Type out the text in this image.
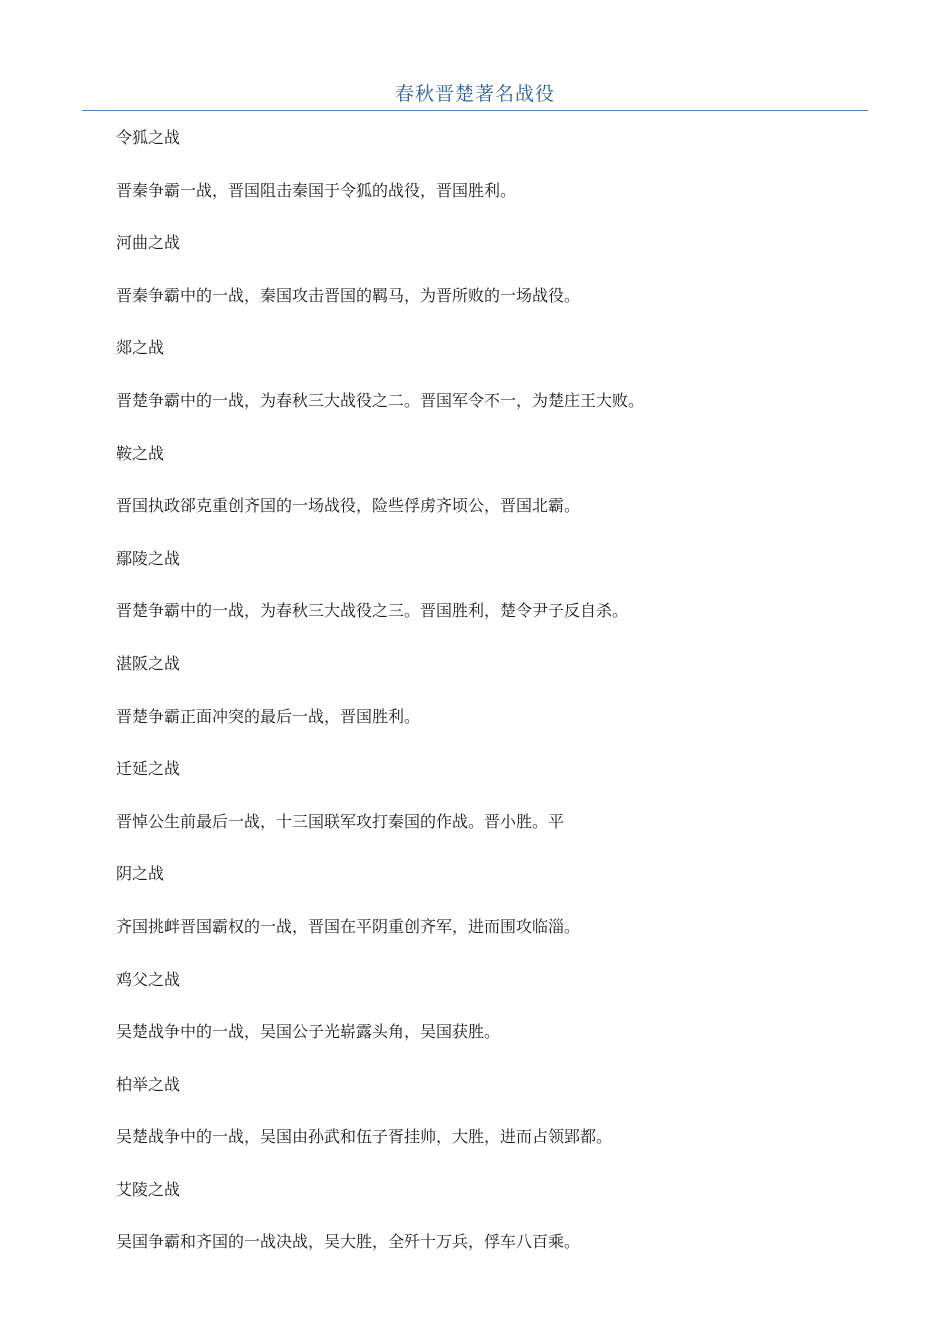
春秋晋楚著名战役
令狐之战
晋秦争霸一战，晋国阻击秦国于令狐的战役，晋国胜利。
河曲之战
晋秦争霸中的一战，秦国攻击晋国的羁马，为晋所败的一场战役。
郯之战
晋楚争霸中的一战，为春秋三大战役之二。晋国军令不一，为楚庄王大败。
鞍之战
晋国执政郤克重创齐国的一场战役，险些俘虏齐顷公，晋国北霸。
鄢陵之战
晋楚争霸中的一战，为春秋三大战役之三。晋国胜利，楚令尹子反自杀。
湛阪之战
晋楚争霸正面冲突的最后一战，晋国胜利。
迁延之战
晋悼公生前最后一战，十三国联军攻打秦国的作战。晋小胜。平
阴之战
齐国挑衅晋国霸权的一战，晋国在平阴重创齐军，进而围攻临淄。
鸡父之战
吴楚战争中的一战，吴国公子光崭露头角，吴国获胜。
柏举之战
吴楚战争中的一战，吴国由孙武和伍子胥挂帅，大胜，进而占领郢都。
艾陵之战
吴国争霸和齐国的一战决战，吴大胜，全歼十万兵，俘车八百乘。
